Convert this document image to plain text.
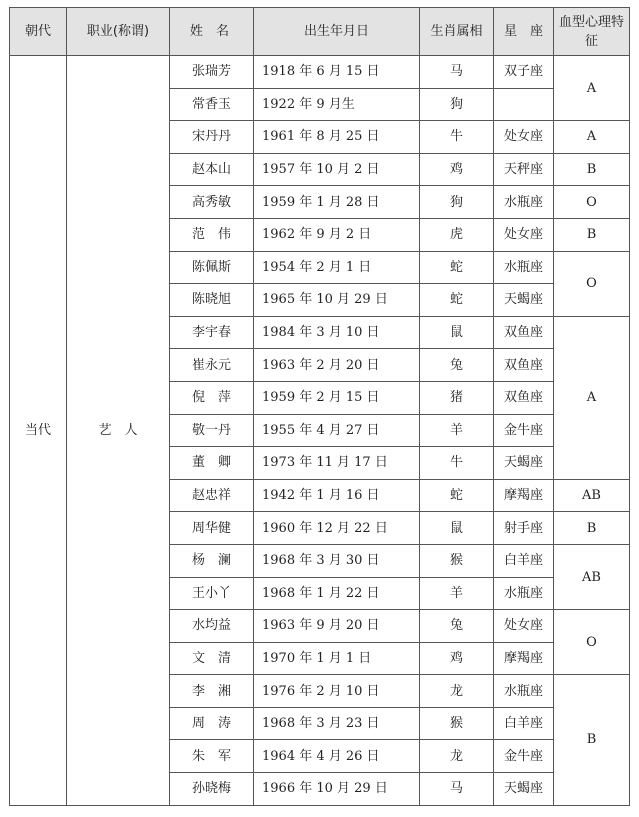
朝代	职业(称谓)	姓　名	出生年月日	生肖属相	星　座	血型心理特征
当代	艺　人	张瑞芳	1918 年 6 月 15 日	马	双子座	A
		常香玉	1922 年 9 月生	狗		
		宋丹丹	1961 年 8 月 25 日	牛	处女座	A
		赵本山	1957 年 10 月 2 日	鸡	天秤座	B
		高秀敏	1959 年 1 月 28 日	狗	水瓶座	O
		范　伟	1962 年 9 月 2 日	虎	处女座	B
		陈佩斯	1954 年 2 月 1 日	蛇	水瓶座	O
		陈晓旭	1965 年 10 月 29 日	蛇	天蝎座	
		李宇春	1984 年 3 月 10 日	鼠	双鱼座	A
		崔永元	1963 年 2 月 20 日	兔	双鱼座	
		倪　萍	1959 年 2 月 15 日	猪	双鱼座	
		敬一丹	1955 年 4 月 27 日	羊	金牛座	
		董　卿	1973 年 11 月 17 日	牛	天蝎座	
		赵忠祥	1942 年 1 月 16 日	蛇	摩羯座	AB
		周华健	1960 年 12 月 22 日	鼠	射手座	B
		杨　澜	1968 年 3 月 30 日	猴	白羊座	AB
		王小丫	1968 年 1 月 22 日	羊	水瓶座	
		水均益	1963 年 9 月 20 日	兔	处女座	O
		文　清	1970 年 1 月 1 日	鸡	摩羯座	
		李　湘	1976 年 2 月 10 日	龙	水瓶座	B
		周　涛	1968 年 3 月 23 日	猴	白羊座	
		朱　军	1964 年 4 月 26 日	龙	金牛座	
		孙晓梅	1966 年 10 月 29 日	马	天蝎座	
